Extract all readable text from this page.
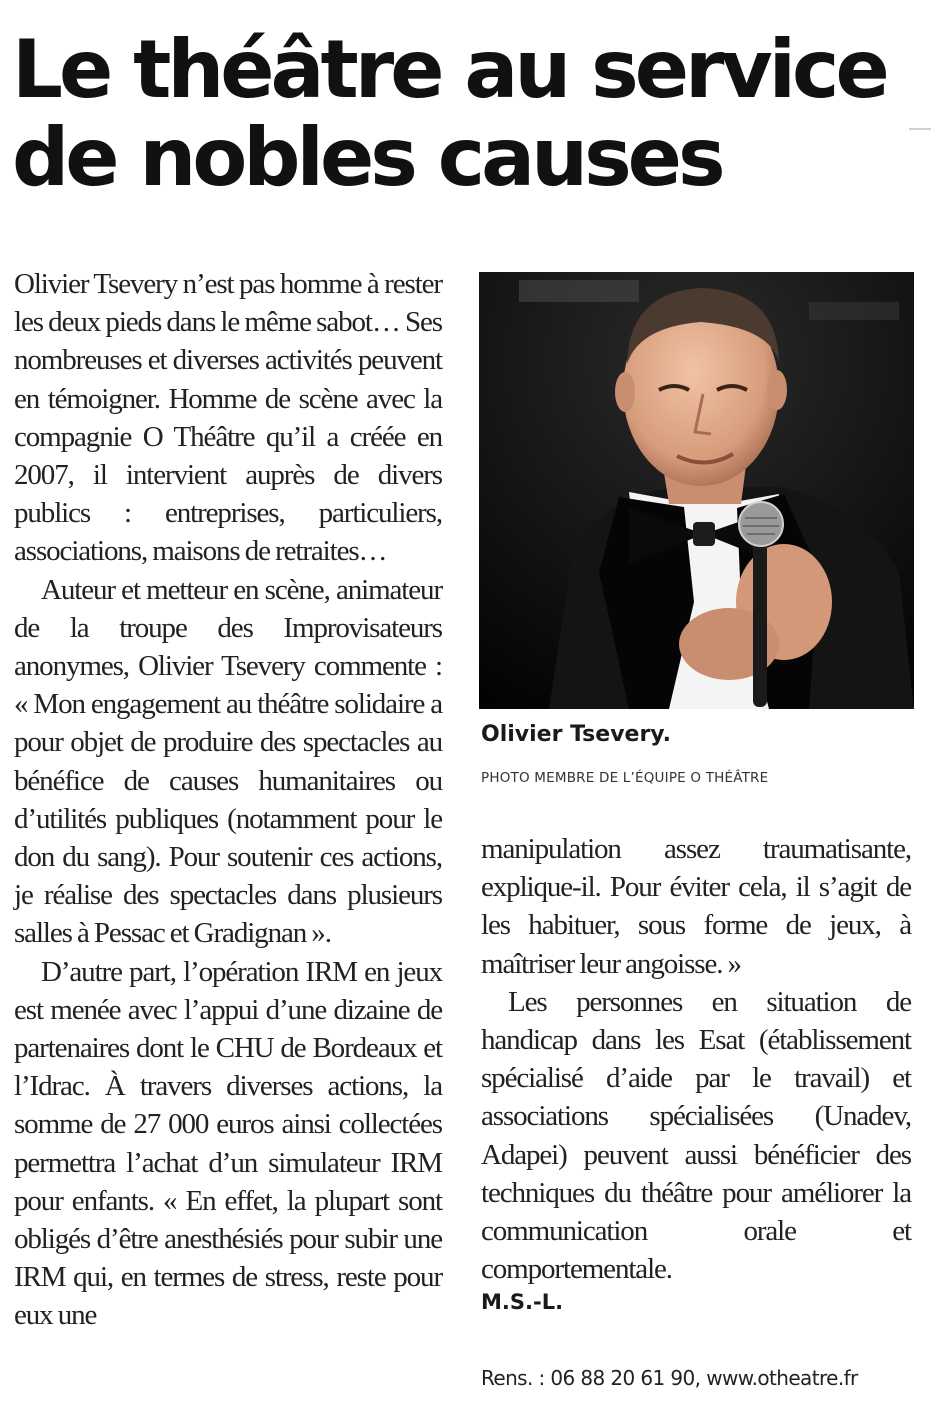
Le théâtre au service
de nobles causes

Olivier Tsevery n’est pas homme à rester les deux pieds dans le même sabot… Ses nombreuses et diverses activités peuvent en témoigner. Homme de scène avec la compagnie O Théâtre qu’il a créée en 2007, il intervient auprès de divers publics : entreprises, particuliers, associations, maisons de retraites…

Auteur et metteur en scène, animateur de la troupe des Improvisateurs anonymes, Olivier Tsevery commente : « Mon engagement au théâtre solidaire a pour objet de produire des spectacles au bénéfice de causes humanitaires ou d’utilités publiques (notamment pour le don du sang). Pour soutenir ces actions, je réalise des spectacles dans plusieurs salles à Pessac et Gradignan ».

D’autre part, l’opération IRM en jeux est menée avec l’appui d’une dizaine de partenaires dont le CHU de Bordeaux et l’Idrac. À travers diverses actions, la somme de 27 000 euros ainsi collectées permettra l’achat d’un simulateur IRM pour enfants. « En effet, la plupart sont obligés d’être anesthésiés pour subir une IRM qui, en termes de stress, reste pour eux une

Olivier Tsevery.
PHOTO MEMBRE DE L’ÉQUIPE O THÉÂTRE

manipulation assez traumatisante, explique-il. Pour éviter cela, il s’agit de les habituer, sous forme de jeux, à maîtriser leur angoisse. »

Les personnes en situation de handicap dans les Esat (établissement spécialisé d’aide par le travail) et associations spécialisées (Unadev, Adapei) peuvent aussi bénéficier des techniques du théâtre pour améliorer la communication orale et comportementale.

M.S.-L.
Rens. : 06 88 20 61 90, www.otheatre.fr
